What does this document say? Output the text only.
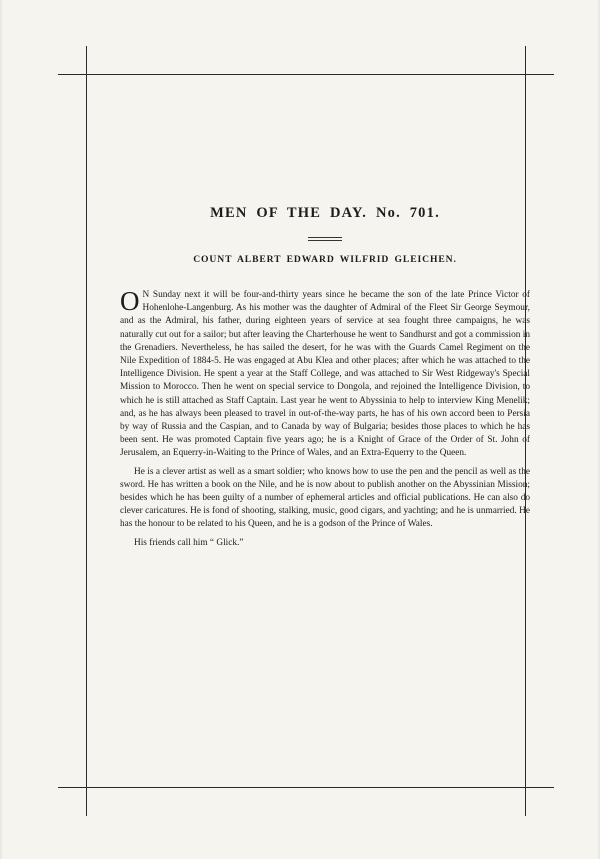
MEN OF THE DAY. No. 701.
COUNT ALBERT EDWARD WILFRID GLEICHEN.

O N Sunday next it will be four-and-thirty years since he became the son of the late Prince Victor of Hohenlohe-Langenburg. As his mother was the daughter of Admiral of the Fleet Sir George Seymour, and as the Admiral, his father, during eighteen years of service at sea fought three campaigns, he was naturally cut out for a sailor; but after leaving the Charterhouse he went to Sandhurst and got a commission in the Grenadiers. Nevertheless, he has sailed the desert, for he was with the Guards Camel Regiment on the Nile Expedition of 1884-5. He was engaged at Abu Klea and other places; after which he was attached to the Intelligence Division. He spent a year at the Staff College, and was attached to Sir West Ridgeway's Special Mission to Morocco. Then he went on special service to Dongola, and rejoined the Intelligence Division, to which he is still attached as Staff Captain. Last year he went to Abyssinia to help to interview King Menelik; and, as he has always been pleased to travel in out-of-the-way parts, he has of his own accord been to Persia by way of Russia and the Caspian, and to Canada by way of Bulgaria; besides those places to which he has been sent. He was promoted Captain five years ago; he is a Knight of Grace of the Order of St. John of Jerusalem, an Equerry-in-Waiting to the Prince of Wales, and an Extra-Equerry to the Queen.

He is a clever artist as well as a smart soldier; who knows how to use the pen and the pencil as well as the sword. He has written a book on the Nile, and he is now about to publish another on the Abyssinian Mission; besides which he has been guilty of a number of ephemeral articles and official publications. He can also do clever caricatures. He is fond of shooting, stalking, music, good cigars, and yachting; and he is unmarried. He has the honour to be related to his Queen, and he is a godson of the Prince of Wales.

His friends call him “ Glick.”
